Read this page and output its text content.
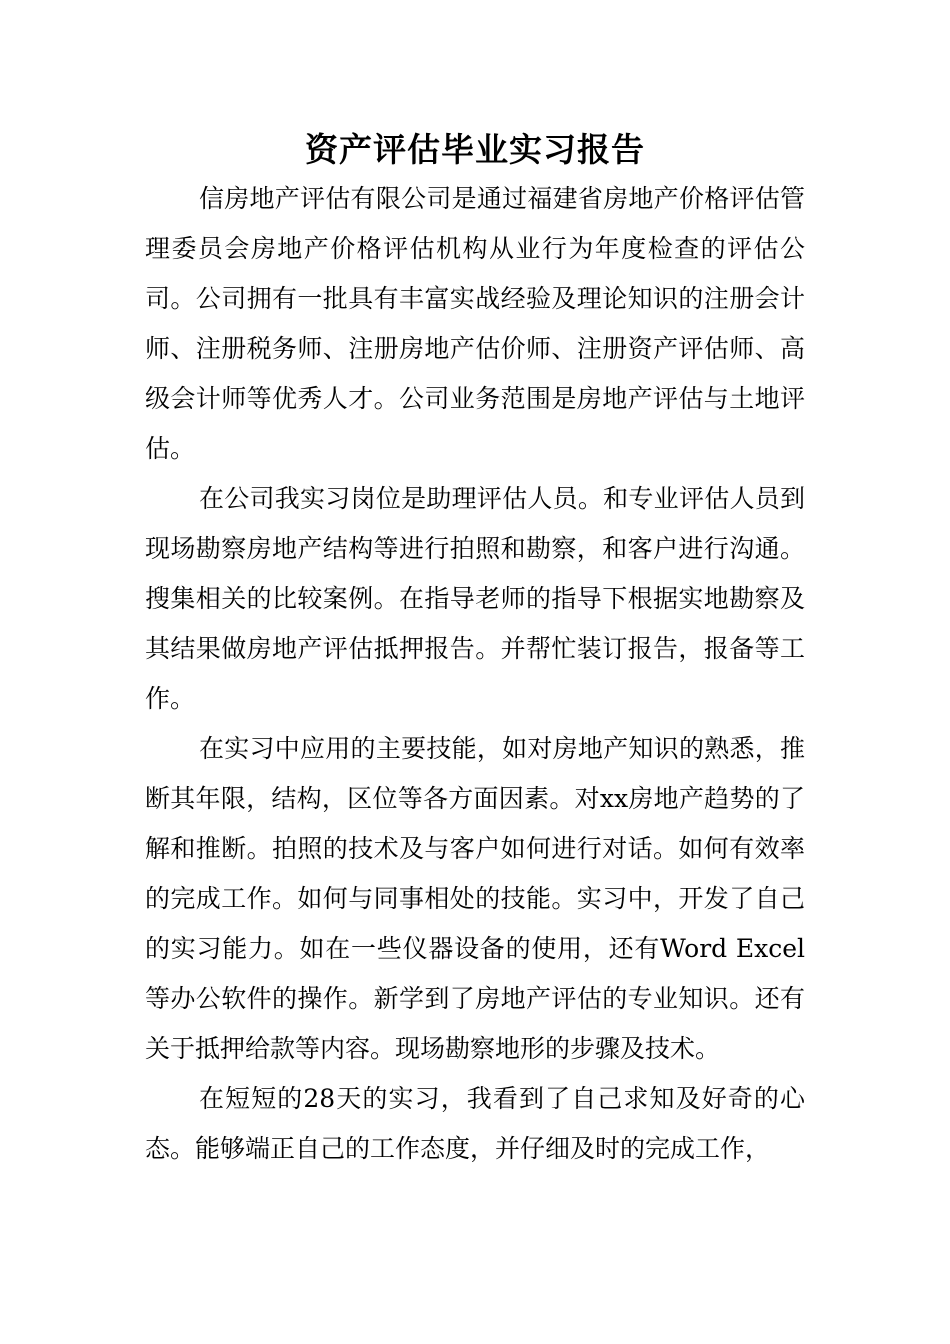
资产评估毕业实习报告

信房地产评估有限公司是通过福建省房地产价格评估管理委员会房地产价格评估机构从业行为年度检查的评估公司。公司拥有一批具有丰富实战经验及理论知识的注册会计师、注册税务师、注册房地产估价师、注册资产评估师、高级会计师等优秀人才。公司业务范围是房地产评估与土地评估。

在公司我实习岗位是助理评估人员。和专业评估人员到现场勘察房地产结构等进行拍照和勘察，和客户进行沟通。搜集相关的比较案例。在指导老师的指导下根据实地勘察及其结果做房地产评估抵押报告。并帮忙装订报告，报备等工作。

在实习中应用的主要技能，如对房地产知识的熟悉，推断其年限，结构，区位等各方面因素。对xx房地产趋势的了解和推断。拍照的技术及与客户如何进行对话。如何有效率的完成工作。如何与同事相处的技能。实习中，开发了自己的实习能力。如在一些仪器设备的使用，还有Word Excel等办公软件的操作。新学到了房地产评估的专业知识。还有关于抵押给款等内容。现场勘察地形的步骤及技术。

在短短的28天的实习，我看到了自己求知及好奇的心态。能够端正自己的工作态度，并仔细及时的完成工作，
